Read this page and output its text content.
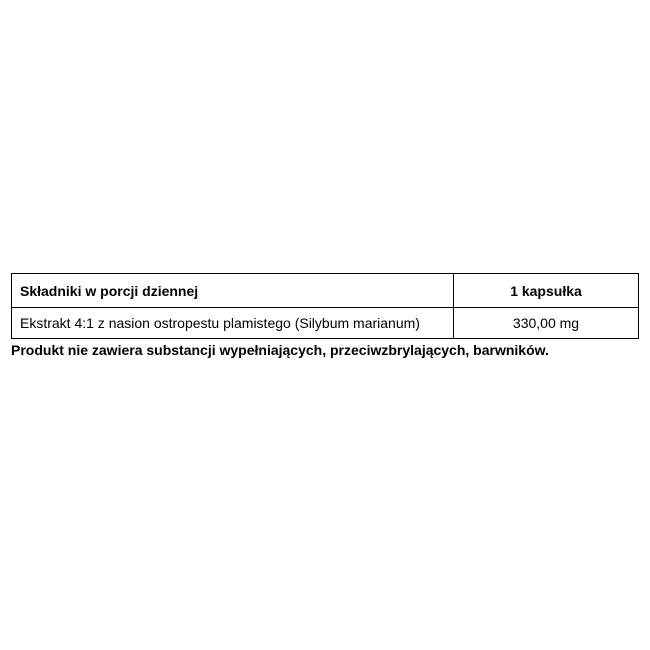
Składniki w porcji dziennej	1 kapsułka
Ekstrakt 4:1 z nasion ostropestu plamistego (Silybum marianum)	330,00 mg
Produkt nie zawiera substancji wypełniających, przeciwzbrylających, barwników.
